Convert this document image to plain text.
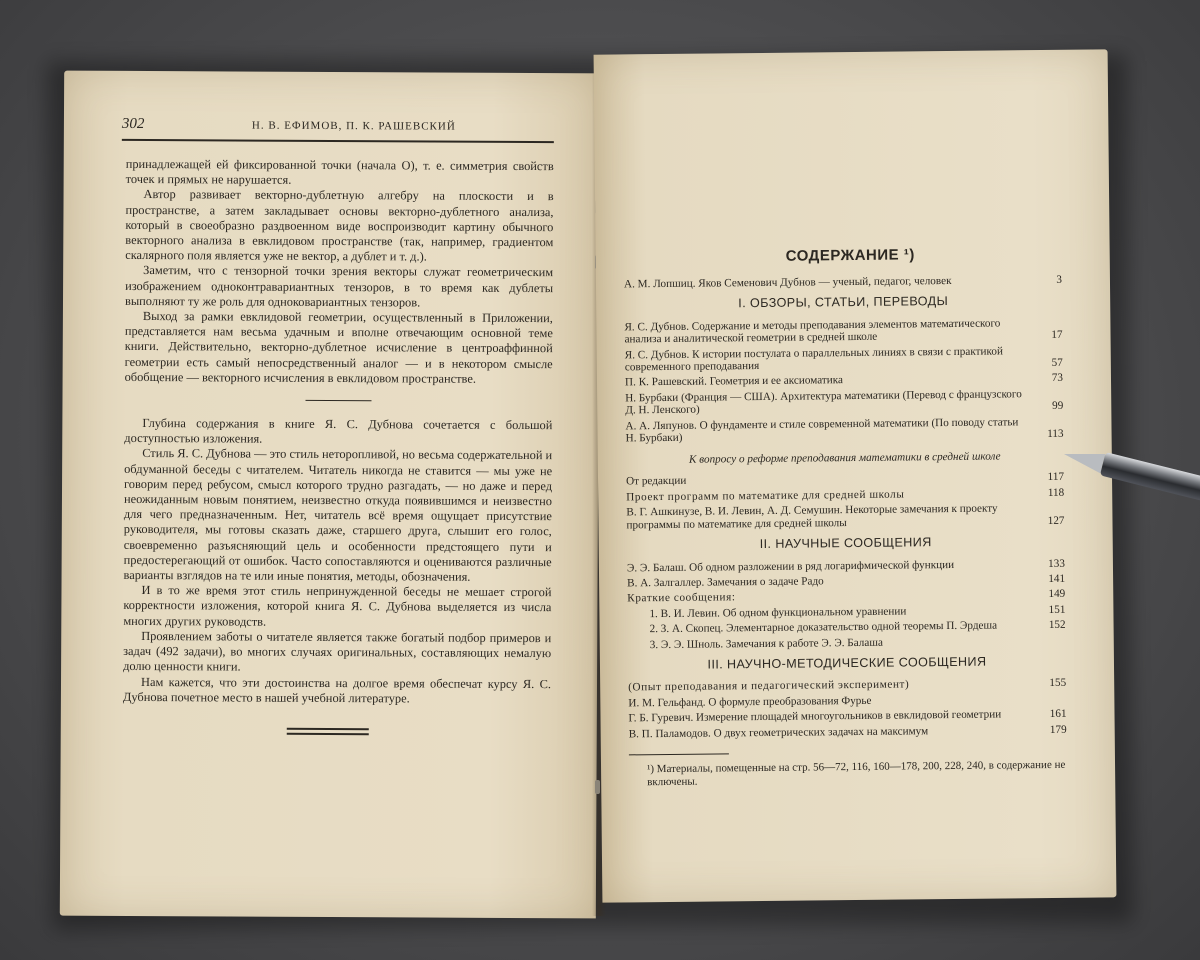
302	Н. В. ЕФИМОВ, П. К. РАШЕВСКИЙ

принадлежащей ей фиксированной точки (начала O), т. е. симметрия свойств точек и прямых не нарушается.

Автор развивает векторно-дублетную алгебру на плоскости и в пространстве, а затем закладывает основы векторно-дублетного анализа, который в своеобразно раздвоенном виде воспроизводит картину обычного векторного анализа в евклидовом пространстве (так, например, градиентом скалярного поля является уже не вектор, а дублет и т. д.).

Заметим, что с тензорной точки зрения векторы служат геометрическим изображением одноконтравариантных тензоров, в то время как дублеты выполняют ту же роль для одноковариантных тензоров.

Выход за рамки евклидовой геометрии, осуществленный в Приложении, представляется нам весьма удачным и вполне отвечающим основной теме книги. Действительно, векторно-дублетное исчисление в центроаффинной геометрии есть самый непосредственный аналог — и в некотором смысле обобщение — векторного исчисления в евклидовом пространстве.

Глубина содержания в книге Я. С. Дубнова сочетается с большой доступностью изложения.

Стиль Я. С. Дубнова — это стиль неторопливой, но весьма содержательной и обдуманной беседы с читателем. Читатель никогда не ставится — мы уже не говорим перед ребусом, смысл которого трудно разгадать, — но даже и перед неожиданным новым понятием, неизвестно откуда появившимся и неизвестно для чего предназначенным. Нет, читатель всё время ощущает присутствие руководителя, мы готовы сказать даже, старшего друга, слышит его голос, своевременно разъясняющий цель и особенности предстоящего пути и предостерегающий от ошибок. Часто сопоставляются и оцениваются различные варианты взглядов на те или иные понятия, методы, обозначения.

И в то же время этот стиль непринужденной беседы не мешает строгой корректности изложения, которой книга Я. С. Дубнова выделяется из числа многих других руководств.

Проявлением заботы о читателе является также богатый подбор примеров и задач (492 задачи), во многих случаях оригинальных, составляющих немалую долю ценности книги.

Нам кажется, что эти достоинства на долгое время обеспечат курсу Я. С. Дубнова почетное место в нашей учебной литературе.

СОДЕРЖАНИЕ ¹)
А. М. Лопшиц. Яков Семенович Дубнов — ученый, педагог, человек	3
I. ОБЗОРЫ, СТАТЬИ, ПЕРЕВОДЫ
Я. С. Дубнов. Содержание и методы преподавания элементов математического анализа и аналитической геометрии в средней школе	17
Я. С. Дубнов. К истории постулата о параллельных линиях в связи с практикой современного преподавания	57
П. К. Рашевский. Геометрия и ее аксиоматика	73
Н. Бурбаки (Франция — США). Архитектура математики (Перевод с французского Д. Н. Ленского)	99
А. А. Ляпунов. О фундаменте и стиле современной математики (По поводу статьи Н. Бурбаки)	113
К вопросу о реформе преподавания математики в средней школе
От редакции	117
Проект программ по математике для средней школы	118
В. Г. Ашкинузе, В. И. Левин, А. Д. Семушин. Некоторые замечания к проекту программы по математике для средней школы	127
II. НАУЧНЫЕ СООБЩЕНИЯ
Э. Э. Балаш. Об одном разложении в ряд логарифмической функции	133
В. А. Залгаллер. Замечания о задаче Радо	141
Краткие сообщения:	149
1. В. И. Левин. Об одном функциональном уравнении	151
2. З. А. Скопец. Элементарное доказательство одной теоремы П. Эрдеша	152
3. Э. Э. Шноль. Замечания к работе Э. Э. Балаша
III. НАУЧНО-МЕТОДИЧЕСКИЕ СООБЩЕНИЯ
(Опыт преподавания и педагогический эксперимент)	155
И. М. Гельфанд. О формуле преобразования Фурье
Г. Б. Гуревич. Измерение площадей многоугольников в евклидовой геометрии	161
В. П. Паламодов. О двух геометрических задачах на максимум	179
¹) Материалы, помещенные на стр. 56—72, 116, 160—178, 200, 228, 240, в содержание не включены.
